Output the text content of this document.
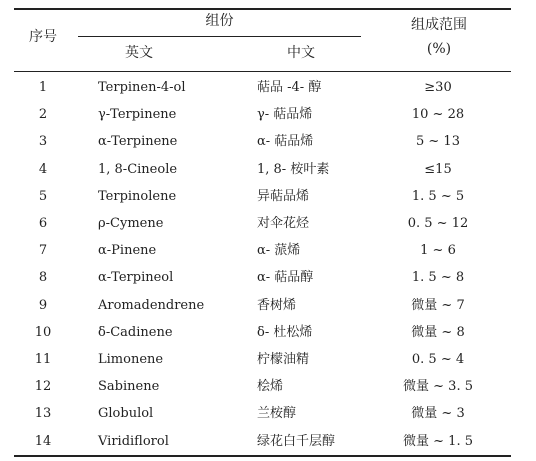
序号
组份
英文	中文
组成范围
(%)
1	Terpinen-4-ol	萜品 -4- 醇	≥30
2	γ-Terpinene	γ- 萜品烯	10 ~ 28
3	α-Terpinene	α- 萜品烯	5 ~ 13
4	1, 8-Cineole	1, 8- 桉叶素	≤15
5	Terpinolene	异萜品烯	1. 5 ~ 5
6	ρ-Cymene	对伞花烃	0. 5 ~ 12
7	α-Pinene	α- 蒎烯	1 ~ 6
8	α-Terpineol	α- 萜品醇	1. 5 ~ 8
9	Aromadendrene	香树烯	微量 ~ 7
10	δ-Cadinene	δ- 杜松烯	微量 ~ 8
11	Limonene	柠檬油精	0. 5 ~ 4
12	Sabinene	桧烯	微量 ~ 3. 5
13	Globulol	兰桉醇	微量 ~ 3
14	Viridiflorol	绿花白千层醇	微量 ~ 1. 5
